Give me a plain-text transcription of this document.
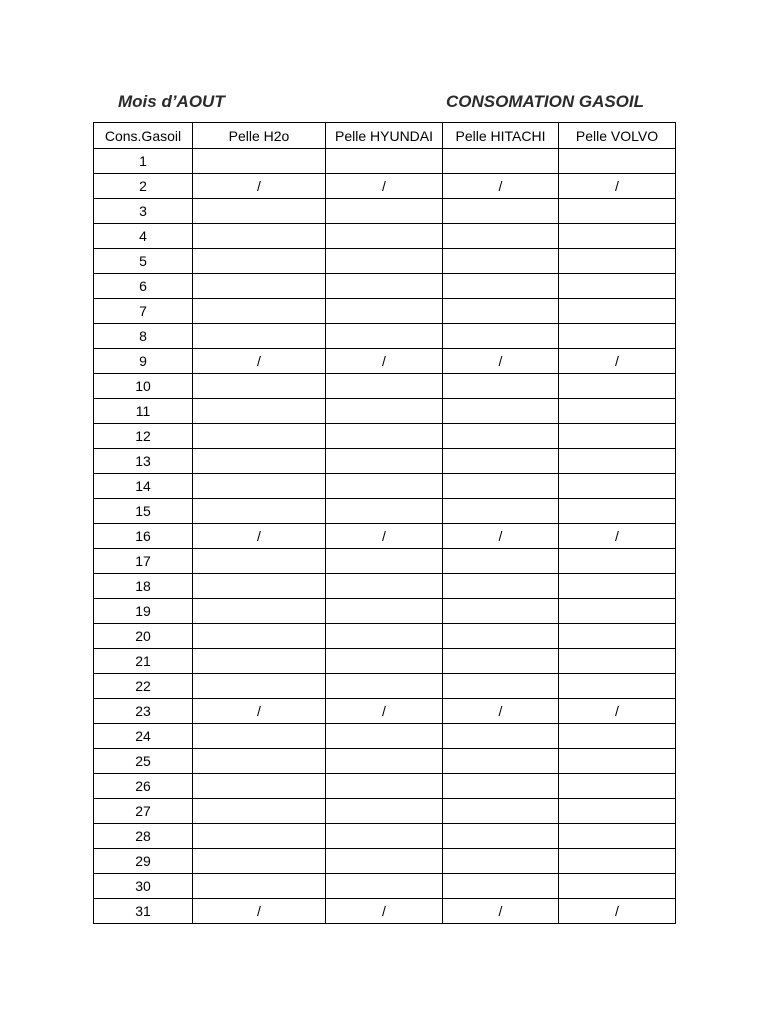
Mois d’AOUT	CONSOMATION GASOIL
Cons.Gasoil	Pelle H2o	Pelle HYUNDAI	Pelle HITACHI	Pelle VOLVO
1				
2	/	/	/	/
3				
4				
5				
6				
7				
8				
9	/	/	/	/
10				
11				
12				
13				
14				
15				
16	/	/	/	/
17				
18				
19				
20				
21				
22				
23	/	/	/	/
24				
25				
26				
27				
28				
29				
30				
31	/	/	/	/
